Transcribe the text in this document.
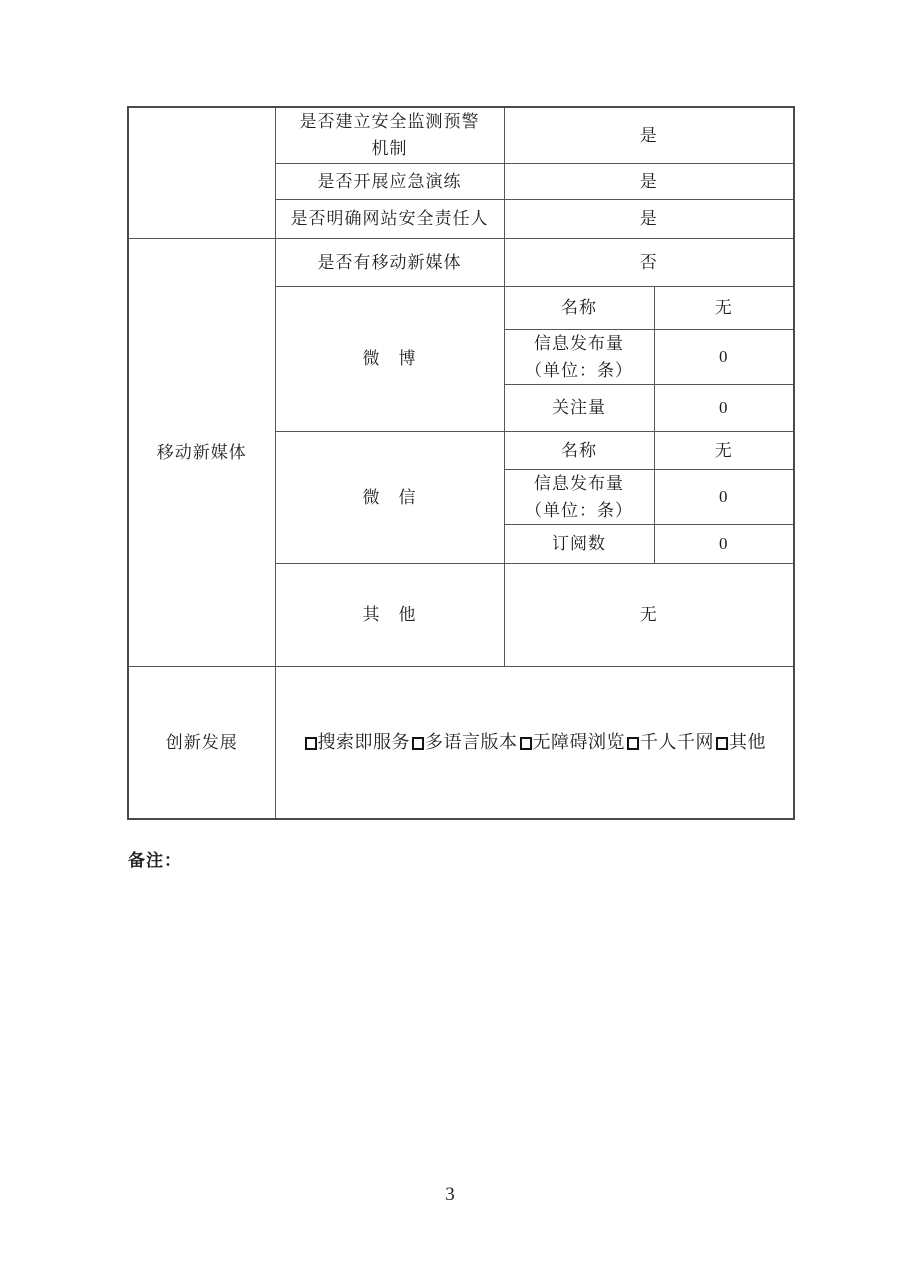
	是否建立安全监测预警
机制	是	
	是否开展应急演练	是	
	是否明确网站安全责任人	是	
移动新媒体	是否有移动新媒体	否	
	微　博	名称	无

		信息发布量
（单位：条）	0
		关注量	0
	微　信	名称	无

		信息发布量
（单位：条）	0
		订阅数	0
	其　他	无	
创新发展	搜索即服务 多语言版本 无障碍浏览 千人千网 其他		
备注：
3
